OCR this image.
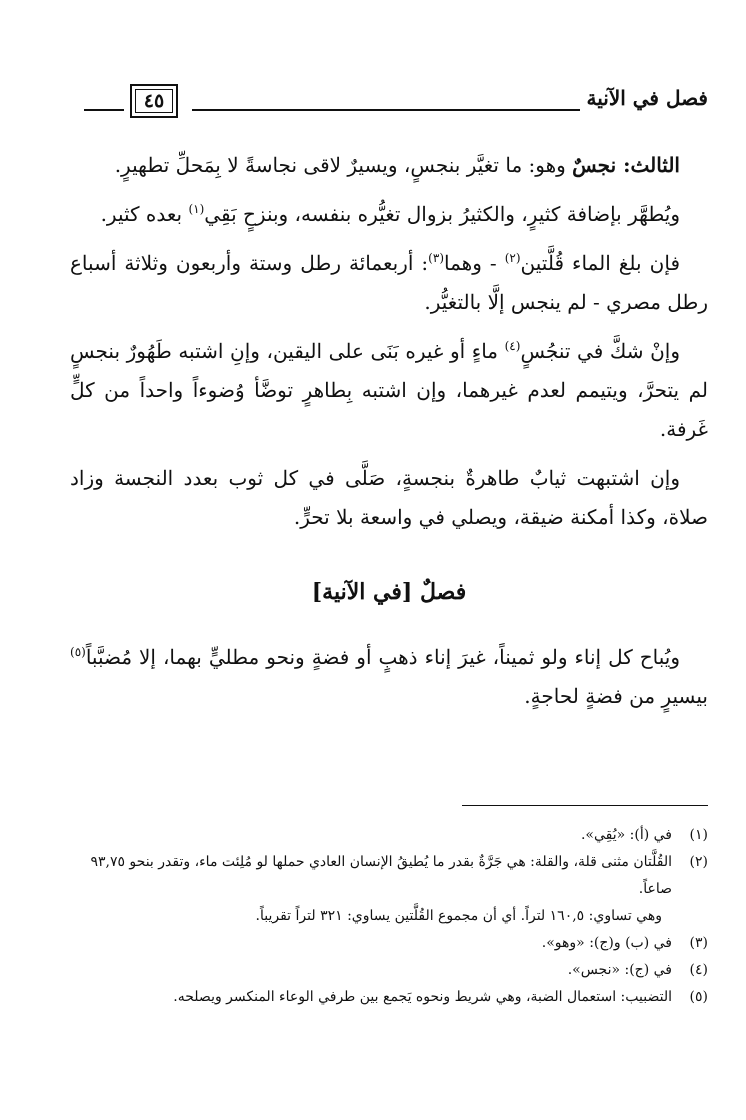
فصل في الآنية
٤٥

الثالث: نجسٌ وهو: ما تغيَّر بنجسٍ، ويسيرٌ لاقى نجاسةً لا بِمَحلِّ تطهيرٍ.

ويُطهَّر بإضافة كثيرٍ، والكثيرُ بزوال تغيُّره بنفسه، وبنزحٍ بَقِي$^{(١)}$ بعده كثير.

فإن بلغ الماء قُلَّتين$^{(٢)}$ - وهما$^{(٣)}$: أربعمائة رطل وستة وأربعون وثلاثة أسباع رطل مصري - لم ينجس إلَّا بالتغيُّر.

وإنْ شكَّ في تنجُسٍ$^{(٤)}$ ماءٍ أو غيره بَنَى على اليقين، وإنِ اشتبه طَهُورٌ بنجسٍ لم يتحرَّ، ويتيمم لعدم غيرهما، وإن اشتبه بِطاهرٍ توضَّأ وُضوءاً واحداً من كلٍّ غَرفة.

وإن اشتبهت ثيابٌ طاهرةٌ بنجسةٍ، صَلَّى في كل ثوب بعدد النجسة وزاد صلاة، وكذا أمكنة ضيقة، ويصلي في واسعة بلا تحرٍّ.

فصلٌ [في الآنية]

ويُباح كل إناء ولو ثميناً، غيرَ إناء ذهبٍ أو فضةٍ ونحو مطليٍّ بهما، إلا مُضبَّباً$^{(٥)}$ بيسيرٍ من فضةٍ لحاجةٍ.

(١)
في (أ): «يُقِي».

(٢)
القُلَّتان مثنى قلة، والقلة: هي جَرَّةٌ بقدر ما يُطيقُ الإنسان العادي حملها لو مُلِئت ماء، وتقدر بنحو ٩٣,٧٥ صاعاً.

وهي تساوي: ١٦٠,٥ لتراً. أي أن مجموع القُلَّتين يساوي: ٣٢١ لتراً تقريباً.

(٣)
في (ب) و(ج): «وهو».

(٤)
في (ج): «نجس».

(٥)
التضبيب: استعمال الضبة، وهي شريط ونحوه يَجمع بين طرفي الوعاء المنكسر ويصلحه.
